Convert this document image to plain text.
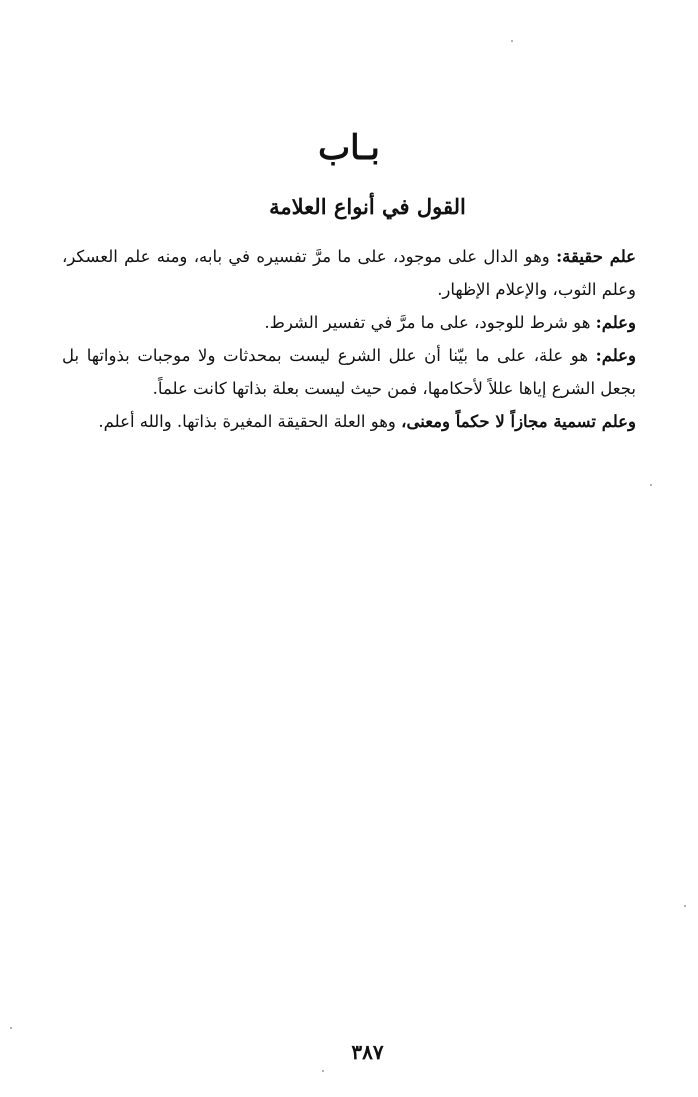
بـاب
القول في أنواع العلامة

علم حقيقة: وهو الدال على موجود، على ما مرَّ تفسيره في بابه، ومنه علم العسكر، وعلم الثوب، والإعلام الإظهار.

وعلم: هو شرط للوجود، على ما مرَّ في تفسير الشرط.

وعلم: هو علة، على ما بيّنا أن علل الشرع ليست بمحدثات ولا موجبات بذواتها بل بجعل الشرع إياها عللاً لأحكامها، فمن حيث ليست بعلة بذاتها كانت علماً.

وعلم تسمية مجازاً لا حكماً ومعنى، وهو العلة الحقيقة المغيرة بذاتها. والله أعلم.

٣٨٧
